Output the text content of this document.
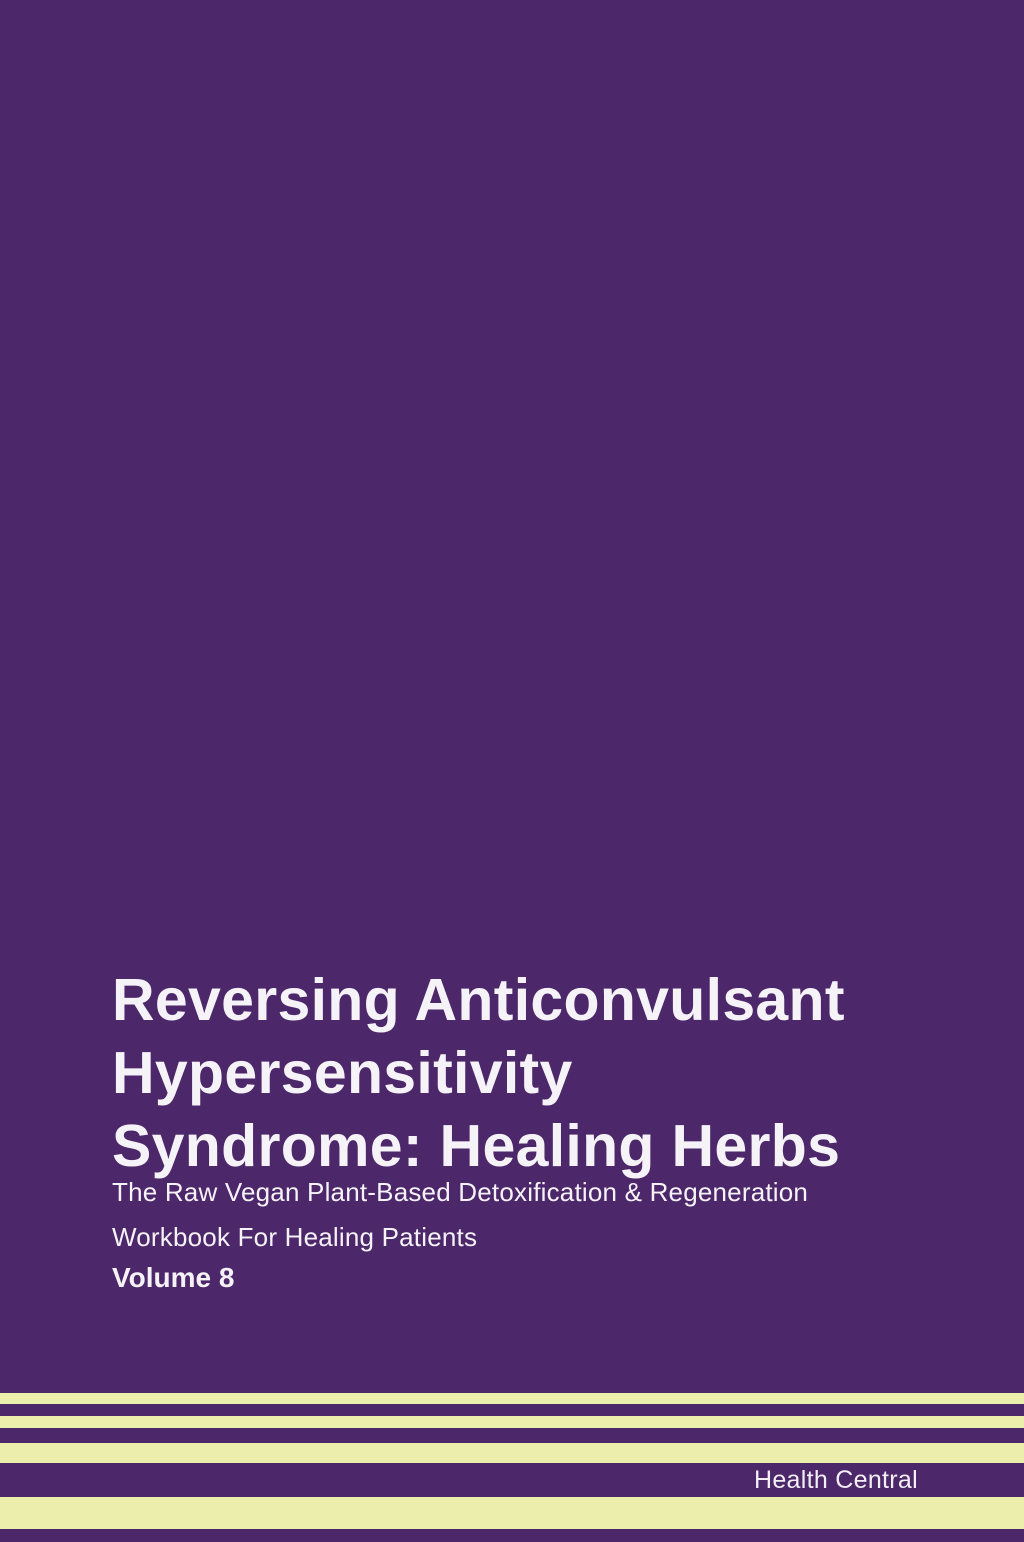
Reversing Anticonvulsant
Hypersensitivity
Syndrome: Healing Herbs
The Raw Vegan Plant-Based Detoxification & Regeneration
Workbook For Healing Patients
Volume 8
Health Central
